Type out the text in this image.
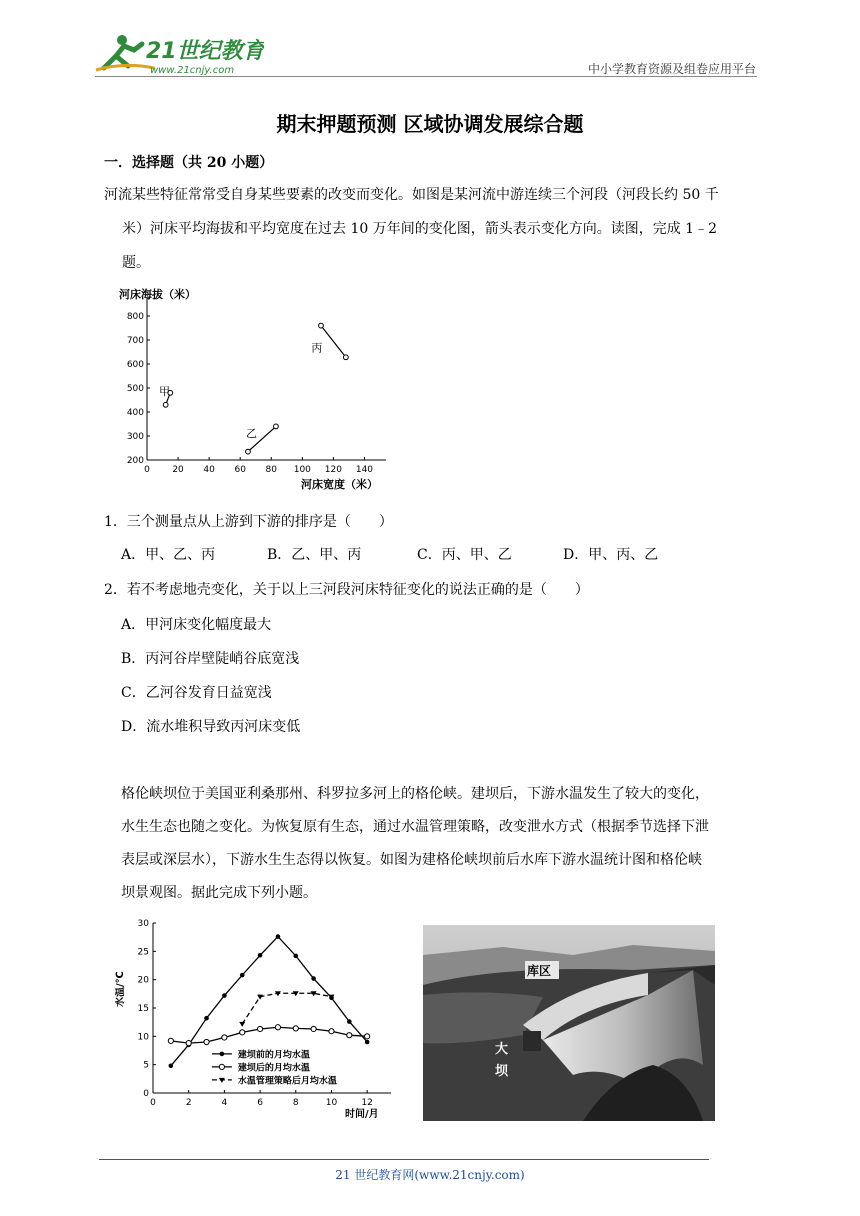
21世纪教育
www.21cnjy.com	中小学教育资源及组卷应用平台
期末押题预测 区域协调发展综合题
一．选择题（共 20 小题）
河流某些特征常常受自身某些要素的改变而变化。如图是某河流中游连续三个河段（河段长约 50 千
米）河床平均海拔和平均宽度在过去 10 万年间的变化图，箭头表示变化方向。读图，完成 1﹣2
题。
河床海拔（米）
河床宽度（米）
0 20 40 60 80 100 120 140
200
300
400
500
600
700
800
甲
乙
丙
1．三个测量点从上游到下游的排序是（　　）
A．甲、乙、丙	B．乙、甲、丙	C．丙、甲、乙	D．甲、丙、乙
2．若不考虑地壳变化，关于以上三河段河床特征变化的说法正确的是（　　）
A．甲河床变化幅度最大
B．丙河谷岸壁陡峭谷底宽浅
C．乙河谷发育日益宽浅
D．流水堆积导致丙河床变低
格伦峡坝位于美国亚利桑那州、科罗拉多河上的格伦峡。建坝后，下游水温发生了较大的变化，
水生生态也随之变化。为恢复原有生态，通过水温管理策略，改变泄水方式（根据季节选择下泄
表层或深层水），下游水生生态得以恢复。如图为建格伦峡坝前后水库下游水温统计图和格伦峡
坝景观图。据此完成下列小题。
水温/℃
时间/月
0	2	4	6	8	10	12
0
5
10
15
20
25
30
建坝前的月均水温
建坝后的月均水温
水温管理策略后月均水温
库区
大
坝
21 世纪教育网(www.21cnjy.com)
